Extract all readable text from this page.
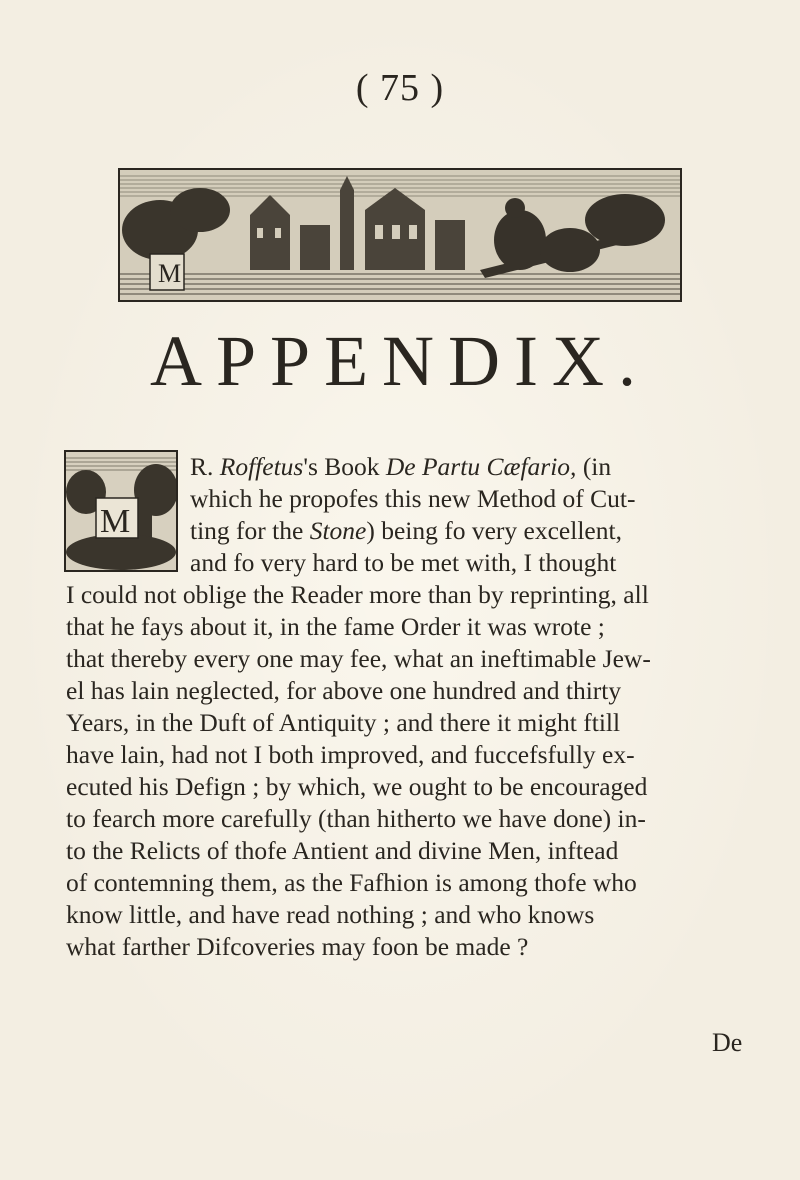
( 75 )
M
APPENDIX.
M
R. Roffetus's Book De Partu Cæfario, (in
which he propofes this new Method of Cut-
ting for the Stone) being fo very excellent,
and fo very hard to be met with, I thought
I could not oblige the Reader more than by reprinting, all
that he fays about it, in the fame Order it was wrote ;
that thereby every one may fee, what an ineftimable Jew-
el has lain neglected, for above one hundred and thirty
Years, in the Duft of Antiquity ; and there it might ftill
have lain, had not I both improved, and fuccefsfully ex-
ecuted his Defign ; by which, we ought to be encouraged
to fearch more carefully (than hitherto we have done) in-
to the Relicts of thofe Antient and divine Men, inftead
of contemning them, as the Fafhion is among thofe who
know little, and have read nothing ; and who knows
what farther Difcoveries may foon be made ?
De
